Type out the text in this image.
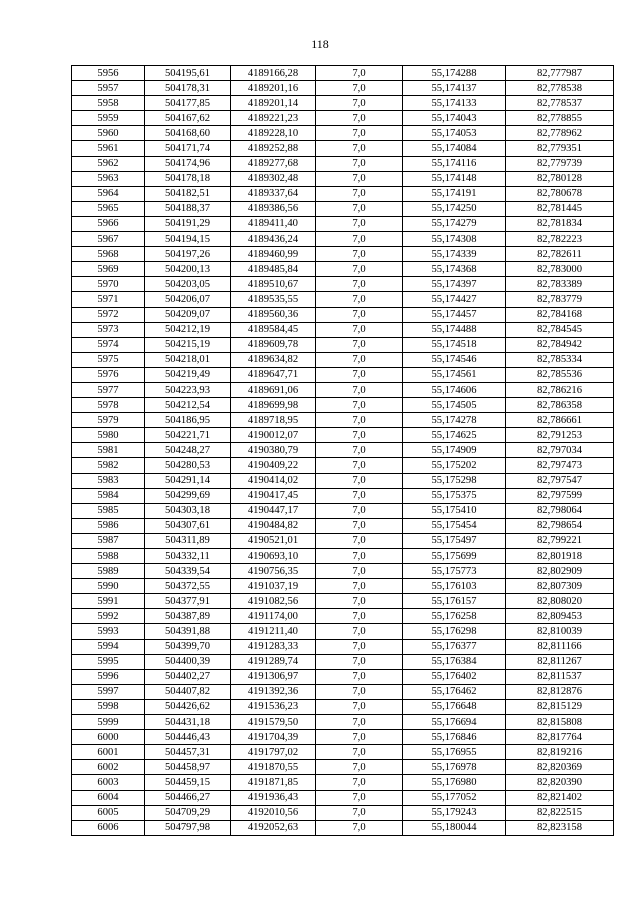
118
5956	504195,61	4189166,28	7,0	55,174288	82,777987
5957	504178,31	4189201,16	7,0	55,174137	82,778538
5958	504177,85	4189201,14	7,0	55,174133	82,778537
5959	504167,62	4189221,23	7,0	55,174043	82,778855
5960	504168,60	4189228,10	7,0	55,174053	82,778962
5961	504171,74	4189252,88	7,0	55,174084	82,779351
5962	504174,96	4189277,68	7,0	55,174116	82,779739
5963	504178,18	4189302,48	7,0	55,174148	82,780128
5964	504182,51	4189337,64	7,0	55,174191	82,780678
5965	504188,37	4189386,56	7,0	55,174250	82,781445
5966	504191,29	4189411,40	7,0	55,174279	82,781834
5967	504194,15	4189436,24	7,0	55,174308	82,782223
5968	504197,26	4189460,99	7,0	55,174339	82,782611
5969	504200,13	4189485,84	7,0	55,174368	82,783000
5970	504203,05	4189510,67	7,0	55,174397	82,783389
5971	504206,07	4189535,55	7,0	55,174427	82,783779
5972	504209,07	4189560,36	7,0	55,174457	82,784168
5973	504212,19	4189584,45	7,0	55,174488	82,784545
5974	504215,19	4189609,78	7,0	55,174518	82,784942
5975	504218,01	4189634,82	7,0	55,174546	82,785334
5976	504219,49	4189647,71	7,0	55,174561	82,785536
5977	504223,93	4189691,06	7,0	55,174606	82,786216
5978	504212,54	4189699,98	7,0	55,174505	82,786358
5979	504186,95	4189718,95	7,0	55,174278	82,786661
5980	504221,71	4190012,07	7,0	55,174625	82,791253
5981	504248,27	4190380,79	7,0	55,174909	82,797034
5982	504280,53	4190409,22	7,0	55,175202	82,797473
5983	504291,14	4190414,02	7,0	55,175298	82,797547
5984	504299,69	4190417,45	7,0	55,175375	82,797599
5985	504303,18	4190447,17	7,0	55,175410	82,798064
5986	504307,61	4190484,82	7,0	55,175454	82,798654
5987	504311,89	4190521,01	7,0	55,175497	82,799221
5988	504332,11	4190693,10	7,0	55,175699	82,801918
5989	504339,54	4190756,35	7,0	55,175773	82,802909
5990	504372,55	4191037,19	7,0	55,176103	82,807309
5991	504377,91	4191082,56	7,0	55,176157	82,808020
5992	504387,89	4191174,00	7,0	55,176258	82,809453
5993	504391,88	4191211,40	7,0	55,176298	82,810039
5994	504399,70	4191283,33	7,0	55,176377	82,811166
5995	504400,39	4191289,74	7,0	55,176384	82,811267
5996	504402,27	4191306,97	7,0	55,176402	82,811537
5997	504407,82	4191392,36	7,0	55,176462	82,812876
5998	504426,62	4191536,23	7,0	55,176648	82,815129
5999	504431,18	4191579,50	7,0	55,176694	82,815808
6000	504446,43	4191704,39	7,0	55,176846	82,817764
6001	504457,31	4191797,02	7,0	55,176955	82,819216
6002	504458,97	4191870,55	7,0	55,176978	82,820369
6003	504459,15	4191871,85	7,0	55,176980	82,820390
6004	504466,27	4191936,43	7,0	55,177052	82,821402
6005	504709,29	4192010,56	7,0	55,179243	82,822515
6006	504797,98	4192052,63	7,0	55,180044	82,823158
